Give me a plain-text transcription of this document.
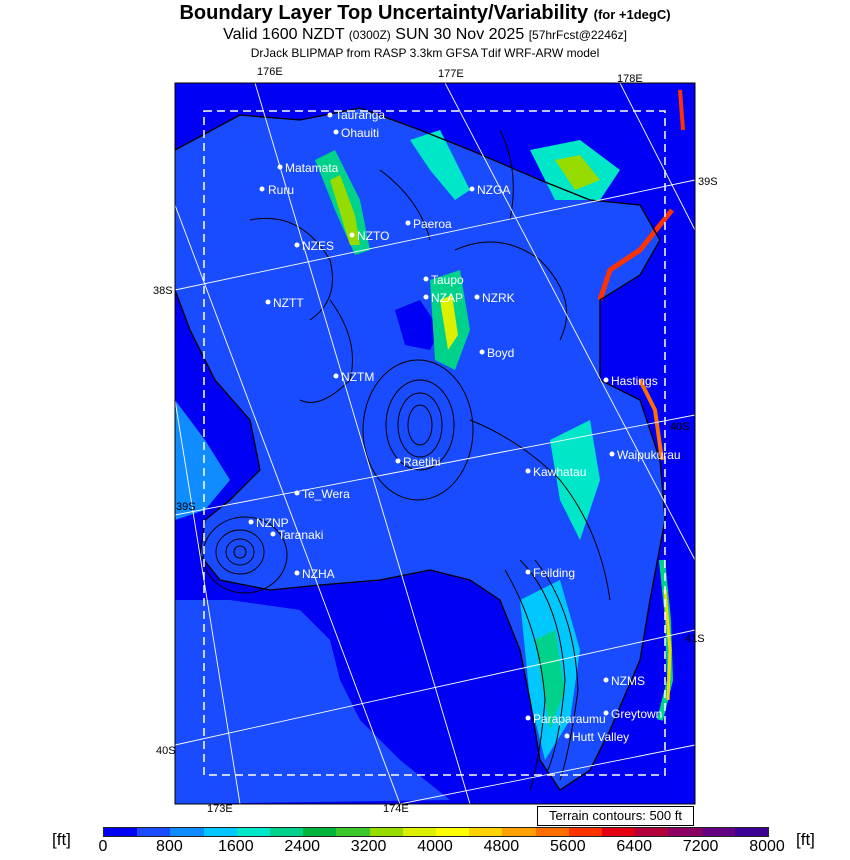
Boundary Layer Top Uncertainty/Variability (for +1degC)
Valid 1600 NZDT (0300Z) SUN 30 Nov 2025 [57hrFcst@2246z]
DrJack BLIPMAP from RASP 3.3km GFSA Tdif WRF-ARW model
176E	177E	178E
173E	174E
39S
38S
40S
39S
41S
40S
Tauranga
Ohauiti
Matamata
Ruru	NZGA
Paeroa
NZTO
NZES
Taupo
NZAP NZRK
NZTT
Boyd
Hastings
NZTM
Waipukurau
Raetihi
Kawhatau
Te_Wera
NZNP
Taranaki
NZHA	Feilding
NZMS
Greytown
Paraparaumu
Hutt Valley
Terrain contours: 500 ft
[ft] 0	800 1600 2400 3200 4000 4800 5600 6400 7200 8000 [ft]
